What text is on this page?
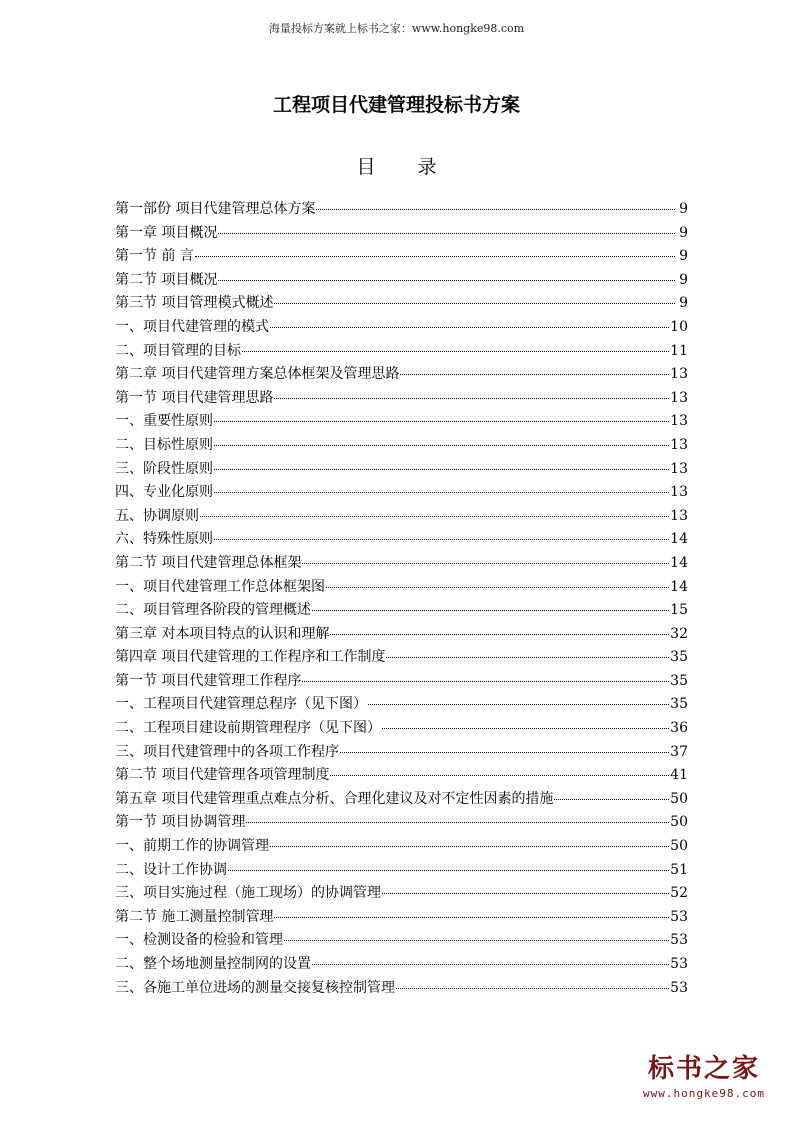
海量投标方案就上标书之家：www.hongke98.com
工程项目代建管理投标书方案
目 录
第一部份 项目代建管理总体方案	9
第一章 项目概况	9
第一节 前 言	9
第二节 项目概况	9
第三节 项目管理模式概述	9
一、项目代建管理的模式	10
二、项目管理的目标	11
第二章 项目代建管理方案总体框架及管理思路	13
第一节 项目代建管理思路	13
一、重要性原则	13
二、目标性原则	13
三、阶段性原则	13
四、专业化原则	13
五、协调原则	13
六、特殊性原则	14
第二节 项目代建管理总体框架	14
一、项目代建管理工作总体框架图	14
二、项目管理各阶段的管理概述	15
第三章 对本项目特点的认识和理解	32
第四章 项目代建管理的工作程序和工作制度	35
第一节 项目代建管理工作程序	35
一、工程项目代建管理总程序（见下图）	35
二、工程项目建设前期管理程序（见下图）	36
三、项目代建管理中的各项工作程序	37
第二节 项目代建管理各项管理制度	41
第五章 项目代建管理重点难点分析、合理化建议及对不定性因素的措施	50
第一节 项目协调管理	50
一、前期工作的协调管理	50
二、设计工作协调	51
三、项目实施过程（施工现场）的协调管理	52
第二节 施工测量控制管理	53
一、检测设备的检验和管理	53
二、整个场地测量控制网的设置	53
三、各施工单位进场的测量交接复核控制管理	53
标书之家
www.hongke98.com
